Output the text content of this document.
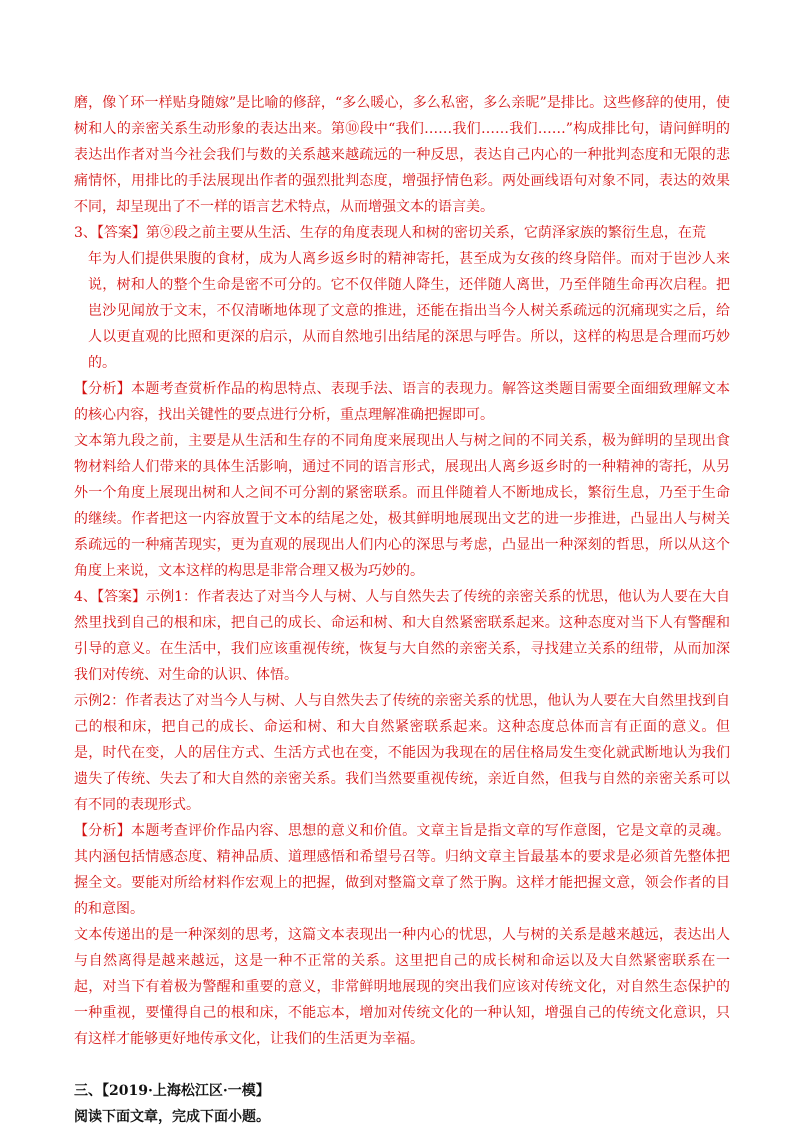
磨，像丫环一样贴身随嫁”是比喻的修辞，“多么暖心，多么私密，多么亲昵”是排比。这些修辞的使用，使树和人的亲密关系生动形象的表达出来。第⑩段中“我们……我们……我们……”构成排比句，请问鲜明的表达出作者对当今社会我们与数的关系越来越疏远的一种反思，表达自己内心的一种批判态度和无限的悲痛情怀，用排比的手法展现出作者的强烈批判态度，增强抒情色彩。两处画线语句对象不同，表达的效果不同，却呈现出了不一样的语言艺术特点，从而增强文本的语言美。

3、【答案】第⑨段之前主要从生活、生存的角度表现人和树的密切关系，它荫泽家族的繁衍生息，在荒

年为人们提供果腹的食材，成为人离乡返乡时的精神寄托，甚至成为女孩的终身陪伴。而对于岜沙人来说，树和人的整个生命是密不可分的。它不仅伴随人降生，还伴随人离世，乃至伴随生命再次启程。把岜沙见闻放于文末，不仅清晰地体现了文意的推进，还能在指出当今人树关系疏远的沉痛现实之后，给人以更直观的比照和更深的启示，从而自然地引出结尾的深思与呼告。所以，这样的构思是合理而巧妙的。

【分析】本题考查赏析作品的构思特点、表现手法、语言的表现力。解答这类题目需要全面细致理解文本的核心内容，找出关键性的要点进行分析，重点理解准确把握即可。

文本第九段之前，主要是从生活和生存的不同角度来展现出人与树之间的不同关系，极为鲜明的呈现出食物材料给人们带来的具体生活影响，通过不同的语言形式，展现出人离乡返乡时的一种精神的寄托，从另外一个角度上展现出树和人之间不可分割的紧密联系。而且伴随着人不断地成长，繁衍生息，乃至于生命的继续。作者把这一内容放置于文本的结尾之处，极其鲜明地展现出文艺的进一步推进，凸显出人与树关系疏远的一种痛苦现实，更为直观的展现出人们内心的深思与考虑，凸显出一种深刻的哲思，所以从这个角度上来说，文本这样的构思是非常合理又极为巧妙的。

4、【答案】示例1：作者表达了对当今人与树、人与自然失去了传统的亲密关系的忧思，他认为人要在大自然里找到自己的根和床，把自己的成长、命运和树、和大自然紧密联系起来。这种态度对当下人有警醒和引导的意义。在生活中，我们应该重视传统，恢复与大自然的亲密关系，寻找建立关系的纽带，从而加深我们对传统、对生命的认识、体悟。

示例2：作者表达了对当今人与树、人与自然失去了传统的亲密关系的忧思，他认为人要在大自然里找到自己的根和床，把自己的成长、命运和树、和大自然紧密联系起来。这种态度总体而言有正面的意义。但是，时代在变，人的居住方式、生活方式也在变，不能因为我现在的居住格局发生变化就武断地认为我们遗失了传统、失去了和大自然的亲密关系。我们当然要重视传统，亲近自然，但我与自然的亲密关系可以有不同的表现形式。

【分析】本题考查评价作品内容、思想的意义和价值。文章主旨是指文章的写作意图，它是文章的灵魂。其内涵包括情感态度、精神品质、道理感悟和希望号召等。归纳文章主旨最基本的要求是必须首先整体把握全文。要能对所给材料作宏观上的把握，做到对整篇文章了然于胸。这样才能把握文意，领会作者的目的和意图。

文本传递出的是一种深刻的思考，这篇文本表现出一种内心的忧思，人与树的关系是越来越远，表达出人与自然离得是越来越远，这是一种不正常的关系。这里把自己的成长树和命运以及大自然紧密联系在一起，对当下有着极为警醒和重要的意义，非常鲜明地展现的突出我们应该对传统文化，对自然生态保护的一种重视，要懂得自己的根和床，不能忘本，增加对传统文化的一种认知，增强自己的传统文化意识，只有这样才能够更好地传承文化，让我们的生活更为幸福。

三、【2019·上海松江区·一模】

阅读下面文章，完成下面小题。
